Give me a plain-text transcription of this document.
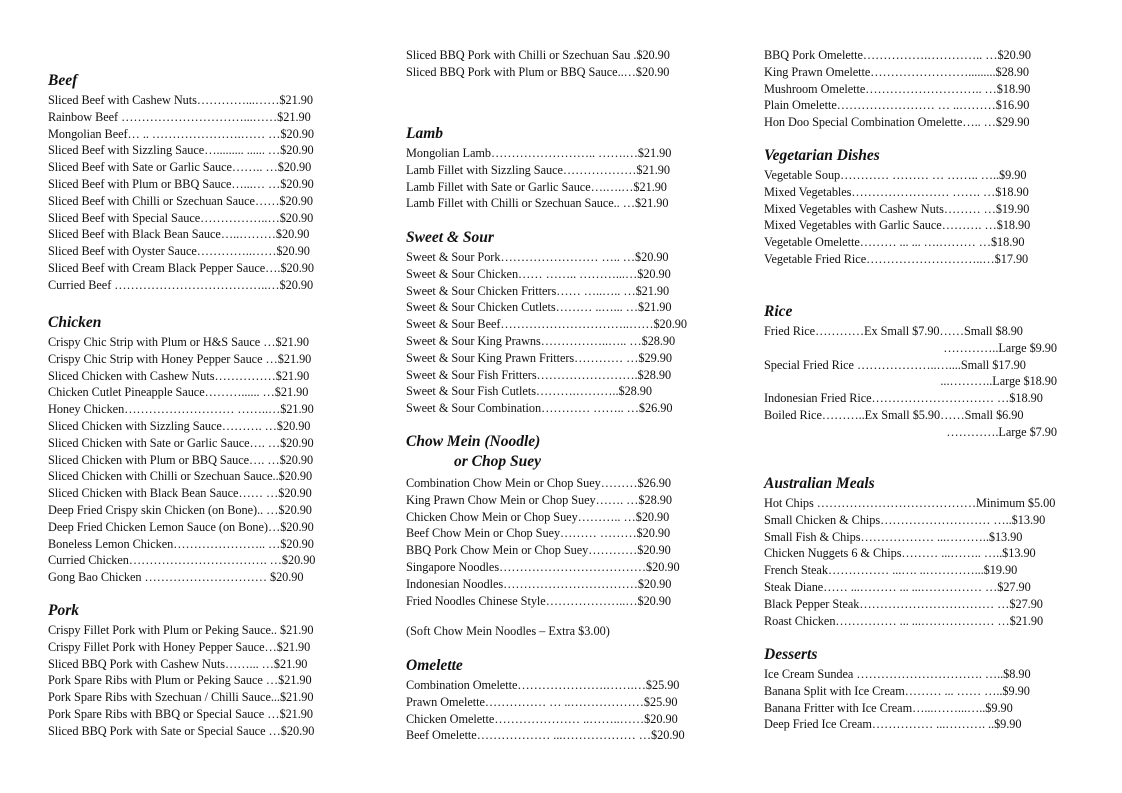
Beef
Sliced Beef with Cashew Nuts…………...……$21.90
Rainbow Beef …………………………...……$21.90
Mongolian Beef… .. ………………….…… …$20.90
Sliced Beef with Sizzling Sauce…......... ...... …$20.90
Sliced Beef with Sate or Garlic Sauce…….. …$20.90
Sliced Beef with Plum or BBQ Sauce…...… …$20.90
Sliced Beef with Chilli or Szechuan Sauce……$20.90
Sliced Beef with Special Sauce……………..…$20.90
Sliced Beef with Black Bean Sauce…..………$20.90
Sliced Beef with Oyster Sauce…………..……$20.90
Sliced Beef with Cream Black Pepper Sauce….$20.90
Curried Beef ………………………………..…$20.90
Chicken
Crispy Chic Strip with Plum or H&S Sauce …$21.90
Crispy Chic Strip with Honey Pepper Sauce …$21.90
Sliced Chicken with Cashew Nuts……………$21.90
Chicken Cutlet Pineapple Sauce………...... …$21.90
Honey Chicken……………………… ……..…$21.90
Sliced Chicken with Sizzling Sauce………. …$20.90
Sliced Chicken with Sate or Garlic Sauce…. …$20.90
Sliced Chicken with Plum or BBQ Sauce…. …$20.90
Sliced Chicken with Chilli or Szechuan Sauce..$20.90
Sliced Chicken with Black Bean Sauce…… …$20.90
Deep Fried Crispy skin Chicken (on Bone).. …$20.90
Deep Fried Chicken Lemon Sauce (on Bone)…$20.90
Boneless Lemon Chicken………………….. …$20.90
Curried Chicken……………………………. …$20.90
Gong Bao Chicken ………………………… $20.90
Pork
Crispy Fillet Pork with Plum or Peking Sauce.. $21.90
Crispy Fillet Pork with Honey Pepper Sauce…$21.90
Sliced BBQ Pork with Cashew Nuts……... …$21.90
Pork Spare Ribs with Plum or Peking Sauce …$21.90
Pork Spare Ribs with Szechuan / Chilli Sauce...$21.90
Pork Spare Ribs with BBQ or Special Sauce …$21.90
Sliced BBQ Pork with Sate or Special Sauce …$20.90
Sliced BBQ Pork with Chilli or Szechuan Sau .$20.90
Sliced BBQ Pork with Plum or BBQ Sauce..…$20.90
Lamb
Mongolian Lamb…………………….. …….…$21.90
Lamb Fillet with Sizzling Sauce………………$21.90
Lamb Fillet with Sate or Garlic Sauce….….…$21.90
Lamb Fillet with Chilli or Szechuan Sauce.. …$21.90
Sweet & Sour
Sweet & Sour Pork…………………… ….. …$20.90
Sweet & Sour Chicken…… …….. ………...…$20.90
Sweet & Sour Chicken Fritters…… …..….. …$21.90
Sweet & Sour Chicken Cutlets……… ..…... …$21.90
Sweet & Sour Beef…………………………..……$20.90
Sweet & Sour King Prawns……………..….. …$28.90
Sweet & Sour King Prawn Fritters………… …$29.90
Sweet & Sour Fish Fritters…………………….$28.90
Sweet & Sour Fish Cutlets……….………..$28.90
Sweet & Sour Combination………… …….. …$26.90
Chow Mein (Noodle)
or Chop Suey
Combination Chow Mein or Chop Suey………$26.90
King Prawn Chow Mein or Chop Suey……. …$28.90
Chicken Chow Mein or Chop Suey……….. …$20.90
Beef Chow Mein or Chop Suey……… ………$20.90
BBQ Pork Chow Mein or Chop Suey…………$20.90
Singapore Noodles………………………………$20.90
Indonesian Noodles……………………………$20.90
Fried Noodles Chinese Style………………..…$20.90
(Soft Chow Mein Noodles – Extra $3.00)
Omelette
Combination Omelette………………….…….…$25.90
Prawn Omelette…………… … ..………………$25.90
Chicken Omelette………………… ..……..……$20.90
Beef Omelette……………… ...……………… …$20.90
BBQ Pork Omelette…………….………….. …$20.90
King Prawn Omelette…………………….........$28.90
Mushroom Omelette……………………….. …$18.90
Plain Omelette…………………… … ..………$16.90
Hon Doo Special Combination Omelette….. …$29.90
Vegetarian Dishes
Vegetable Soup………… ……… … …….. …..$9.90
Mixed Vegetables…………………… ……. …$18.90
Mixed Vegetables with Cashew Nuts……… …$19.90
Mixed Vegetables with Garlic Sauce………. …$18.90
Vegetable Omelette……… ... ... ….……… …$18.90
Vegetable Fried Rice………………………..…$17.90
Rice
Fried Rice…………Ex Small $7.90……Small $8.90
…………..Large $9.90
Special Fried Rice ………………..…....Small $17.90
...………..Large $18.90
Indonesian Fried Rice………………………… …$18.90
Boiled Rice………..Ex Small $5.90……Small $6.90
………….Large $7.90
Australian Meals
Hot Chips …………………………………Minimum $5.00
Small Chicken & Chips……………………… …..$13.90
Small Fish & Chips……………… ...………..$13.90
Chicken Nuggets 6 & Chips……… ...…….. …..$13.90
French Steak…………… ...…. ..…………...$19.90
Steak Diane…… ...……… ... ...…………… …$27.90
Black Pepper Steak…………………………… …$27.90
Roast Chicken…………… ... ...……………… …$21.90
Desserts
Ice Cream Sundea …………………………. …..$8.90
Banana Split with Ice Cream……… ... …… …..$9.90
Banana Fritter with Ice Cream…...……...…..$9.90
Deep Fried Ice Cream…………… ...………. ..$9.90
